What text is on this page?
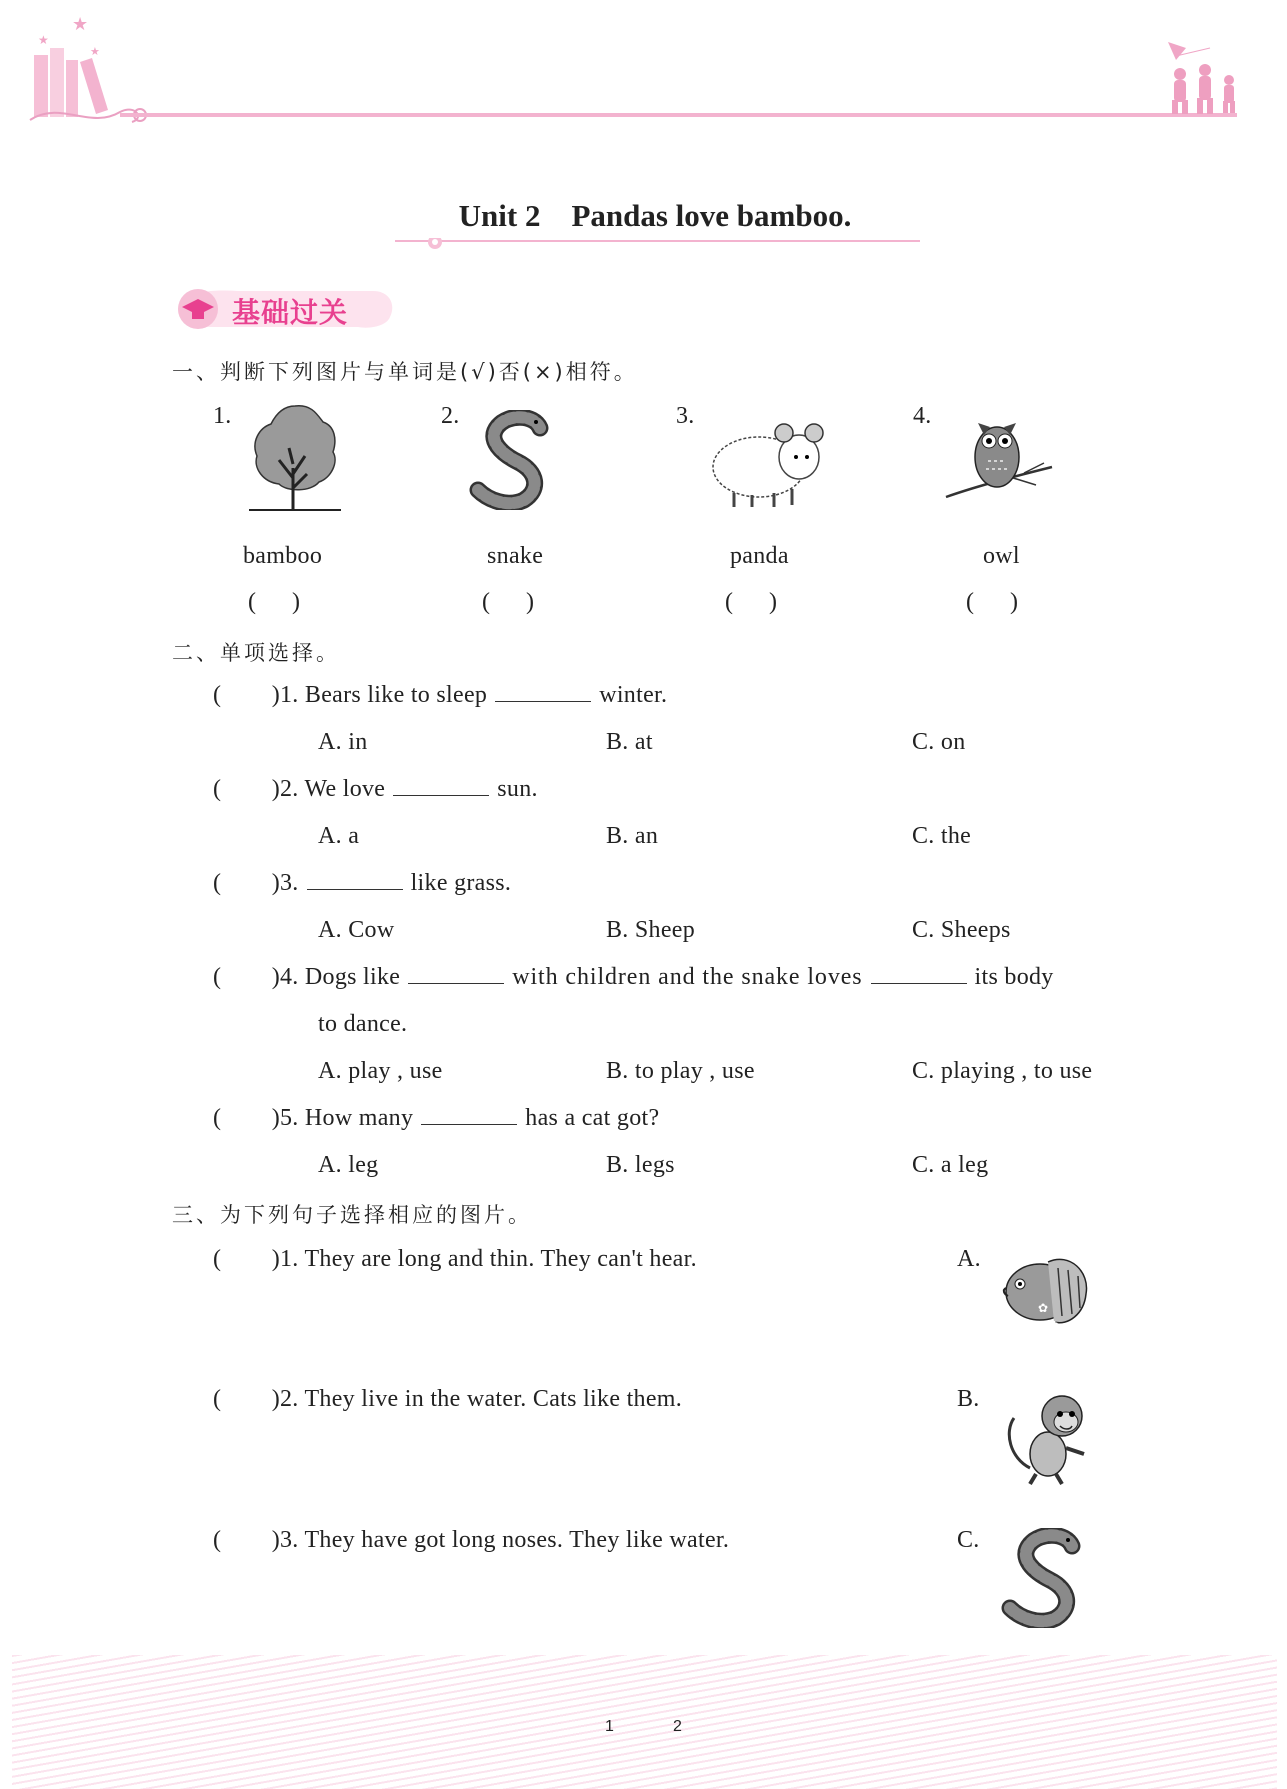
★
★
★
Unit 2    Pandas love bamboo.
基础过关
一、判断下列图片与单词是(√)否(×)相符。
1.
bamboo
(      )
2.
snake
(      )
3.
panda
(      )
4.
owl
(      )
二、单项选择。
(        )1. Bears like to sleep	winter.
A. in	B. at	C. on
(        )2. We love	sun.
A. a	B. an	C. the
(        )3.	like grass.
A. Cow	B. Sheep	C. Sheeps
(        )4. Dogs like	with children and the snake loves	its body
to dance.
A. play , use	B. to play , use	C. playing , to use
(        )5. How many	has a cat got?
A. leg	B. legs	C. a leg
三、为下列句子选择相应的图片。
(        )1. They are long and thin. They can't hear.	A.
✿
✿
(        )2. They live in the water. Cats like them.	B.
(        )3. They have got long noses. They like water.	C.
1	2
